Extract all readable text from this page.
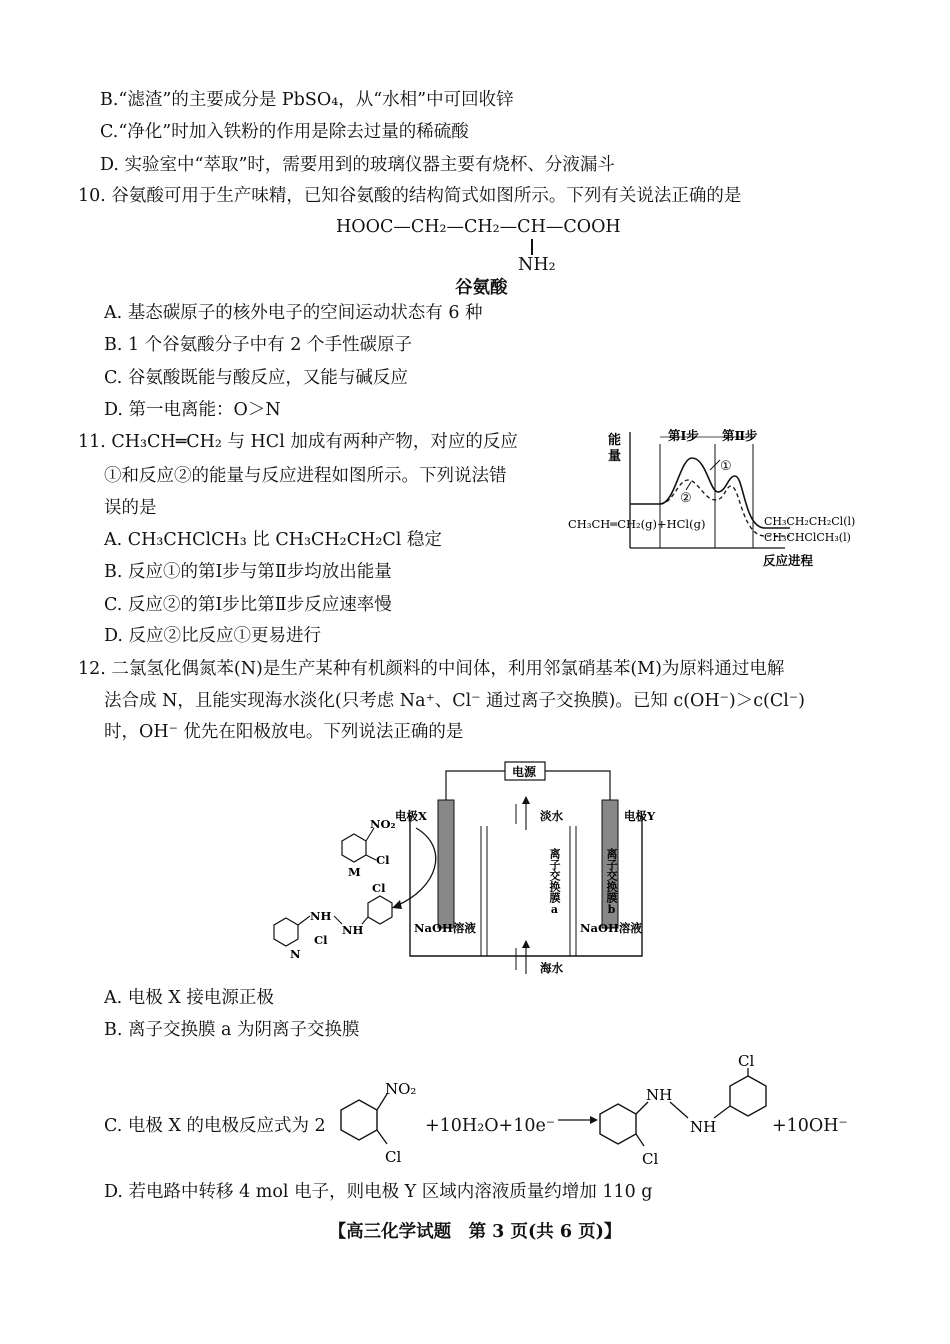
B.“滤渣”的主要成分是 PbSO₄，从“水相”中可回收锌
C.“净化”时加入铁粉的作用是除去过量的稀硫酸
D. 实验室中“萃取”时，需要用到的玻璃仪器主要有烧杯、分液漏斗
10. 谷氨酸可用于生产味精，已知谷氨酸的结构简式如图所示。下列有关说法正确的是
HOOC—CH₂—CH₂—CH—COOH
NH₂
谷氨酸
A. 基态碳原子的核外电子的空间运动状态有 6 种
B. 1 个谷氨酸分子中有 2 个手性碳原子
C. 谷氨酸既能与酸反应，又能与碱反应
D. 第一电离能：O＞N
11. CH₃CH═CH₂ 与 HCl 加成有两种产物，对应的反应
①和反应②的能量与反应进程如图所示。下列说法错
误的是
A. CH₃CHClCH₃ 比 CH₃CH₂CH₂Cl 稳定
B. 反应①的第Ⅰ步与第Ⅱ步均放出能量
C. 反应②的第Ⅰ步比第Ⅱ步反应速率慢
D. 反应②比反应①更易进行
能
量
第Ⅰ步 第Ⅱ步
①
②
CH₃CH═CH₂(g)+HCl(g)	CH₃CH₂CH₂Cl(l)
CH₃CHClCH₃(l)
反应进程
12. 二氯氢化偶氮苯(N)是生产某种有机颜料的中间体，利用邻氯硝基苯(M)为原料通过电解
法合成 N，且能实现海水淡化(只考虑 Na⁺、Cl⁻ 通过离子交换膜)。已知 c(OH⁻)＞c(Cl⁻)
时，OH⁻ 优先在阳极放电。下列说法正确的是
电源
电极X	电极Y
离子交换膜a
离子交换膜b
淡水
海水
NaOH溶液	NaOH溶液
NO₂
Cl
M
NH
NH
Cl
Cl
N
A. 电极 X 接电源正极
B. 离子交换膜 a 为阴离子交换膜
C. 电极 X 的电极反应式为 2
NO₂
Cl
+10H₂O+10e⁻
NH
NH
Cl
Cl
+10OH⁻
D. 若电路中转移 4 mol 电子，则电极 Y 区域内溶液质量约增加 110 g
【高三化学试题　第 3 页(共 6 页)】
